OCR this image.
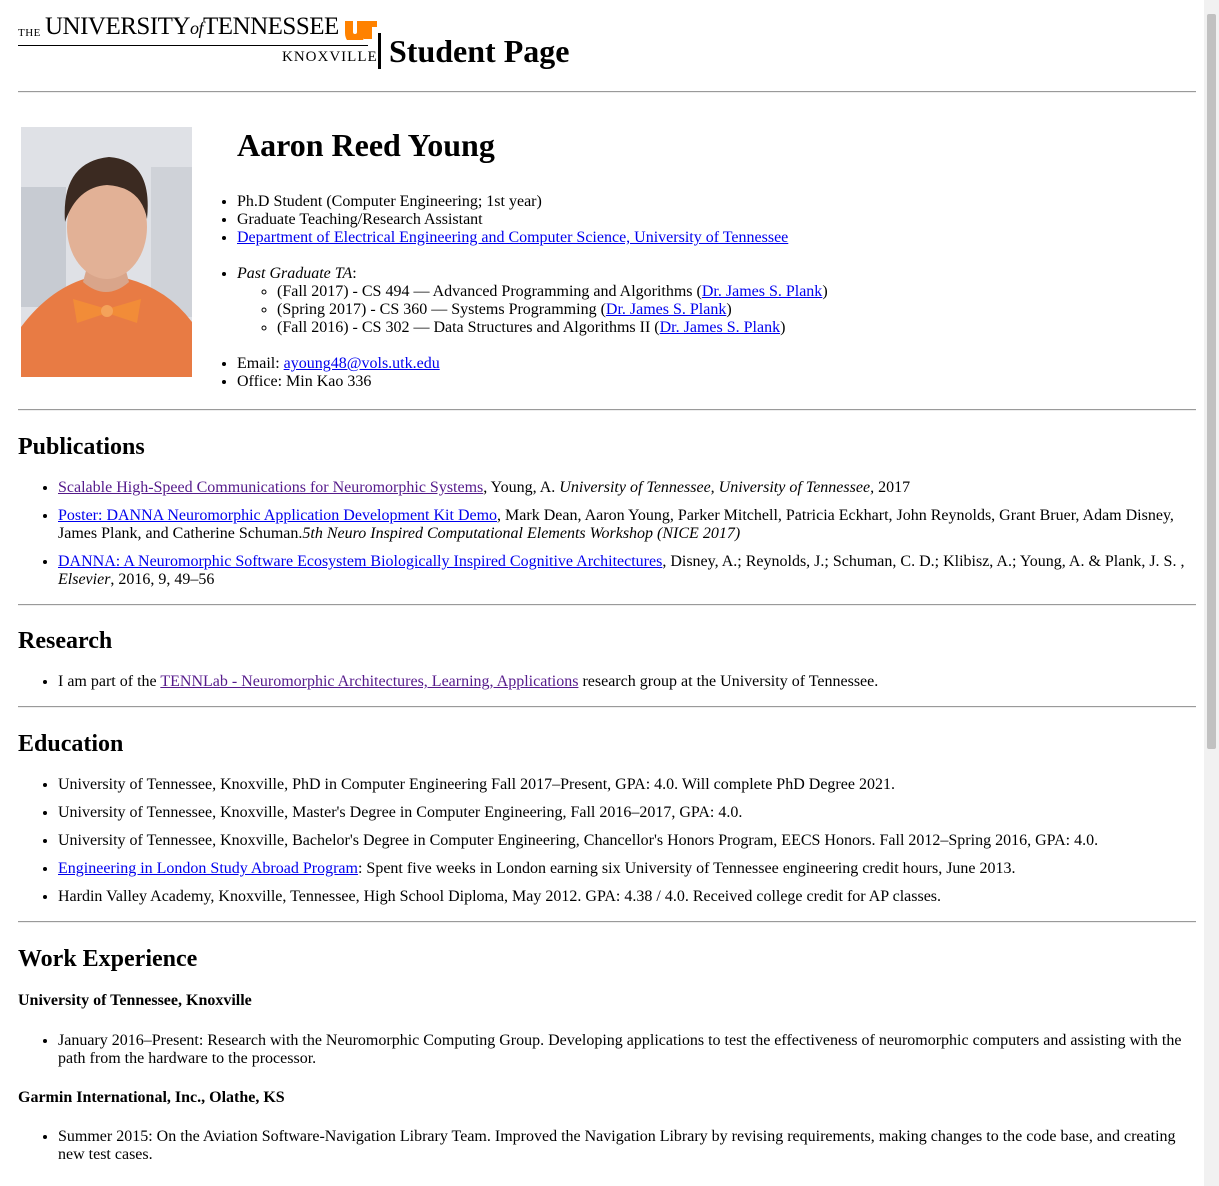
THE UNIVERSITYofTENNESSEE
KNOXVILLE Student Page
Aaron Reed Young
• Ph.D Student (Computer Engineering; 1st year)
• Graduate Teaching/Research Assistant
• Department of Electrical Engineering and Computer Science, University of Tennessee
• Past Graduate TA:
◦ (Fall 2017) - CS 494 — Advanced Programming and Algorithms (Dr. James S. Plank)
◦ (Spring 2017) - CS 360 — Systems Programming (Dr. James S. Plank)
◦ (Fall 2016) - CS 302 — Data Structures and Algorithms II (Dr. James S. Plank)
• Email: ayoung48@vols.utk.edu
• Office: Min Kao 336
Publications
• Scalable High-Speed Communications for Neuromorphic Systems, Young, A. University of Tennessee, University of Tennessee, 2017
• Poster: DANNA Neuromorphic Application Development Kit Demo, Mark Dean, Aaron Young, Parker Mitchell, Patricia Eckhart, John Reynolds, Grant Bruer, Adam Disney, James Plank, and Catherine Schuman.5th Neuro Inspired Computational Elements Workshop (NICE 2017)
• DANNA: A Neuromorphic Software Ecosystem Biologically Inspired Cognitive Architectures, Disney, A.; Reynolds, J.; Schuman, C. D.; Klibisz, A.; Young, A. & Plank, J. S. , Elsevier, 2016, 9, 49–56
Research
• I am part of the TENNLab - Neuromorphic Architectures, Learning, Applications research group at the University of Tennessee.
Education
• University of Tennessee, Knoxville, PhD in Computer Engineering Fall 2017–Present, GPA: 4.0. Will complete PhD Degree 2021.
• University of Tennessee, Knoxville, Master's Degree in Computer Engineering, Fall 2016–2017, GPA: 4.0.
• University of Tennessee, Knoxville, Bachelor's Degree in Computer Engineering, Chancellor's Honors Program, EECS Honors. Fall 2012–Spring 2016, GPA: 4.0.
• Engineering in London Study Abroad Program: Spent five weeks in London earning six University of Tennessee engineering credit hours, June 2013.
• Hardin Valley Academy, Knoxville, Tennessee, High School Diploma, May 2012. GPA: 4.38 / 4.0. Received college credit for AP classes.
Work Experience
University of Tennessee, Knoxville
• January 2016–Present: Research with the Neuromorphic Computing Group. Developing applications to test the effectiveness of neuromorphic computers and assisting with the path from the hardware to the processor.
Garmin International, Inc., Olathe, KS
• Summer 2015: On the Aviation Software-Navigation Library Team. Improved the Navigation Library by revising requirements, making changes to the code base, and creating new test cases.
